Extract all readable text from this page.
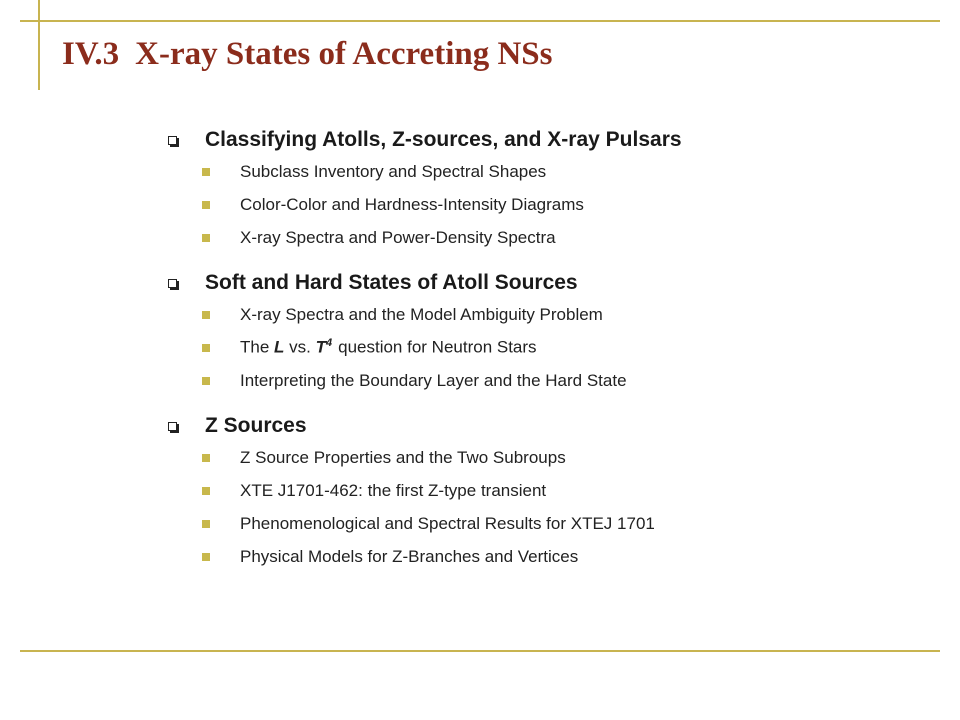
IV.3 X-ray States of Accreting NSs
Classifying Atolls, Z-sources, and X-ray Pulsars
Subclass Inventory and Spectral Shapes
Color-Color and Hardness-Intensity Diagrams
X-ray Spectra and Power-Density Spectra
Soft and Hard States of Atoll Sources
X-ray Spectra and the Model Ambiguity Problem
The L vs. $T^4$ question for Neutron Stars
Interpreting the Boundary Layer and the Hard State
Z Sources
Z Source Properties and the Two Subroups
XTE J1701-462: the first Z-type transient
Phenomenological and Spectral Results for XTEJ 1701
Physical Models for Z-Branches and Vertices
